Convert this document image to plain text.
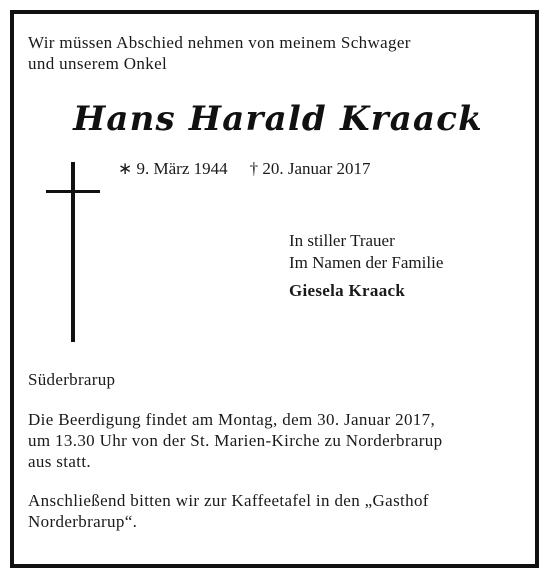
Wir müssen Abschied nehmen von meinem Schwager
und unserem Onkel

Hans Harald Kraack
∗ 9. März 1944 † 20. Januar 2017
In stiller Trauer
Im Namen der Familie
Giesela Kraack
Süderbrarup

Die Beerdigung findet am Montag, dem 30. Januar 2017,
um 13.30 Uhr von der St. Marien-Kirche zu Norderbrarup
aus statt.

Anschließend bitten wir zur Kaffeetafel in den „Gasthof
Norderbrarup“.
